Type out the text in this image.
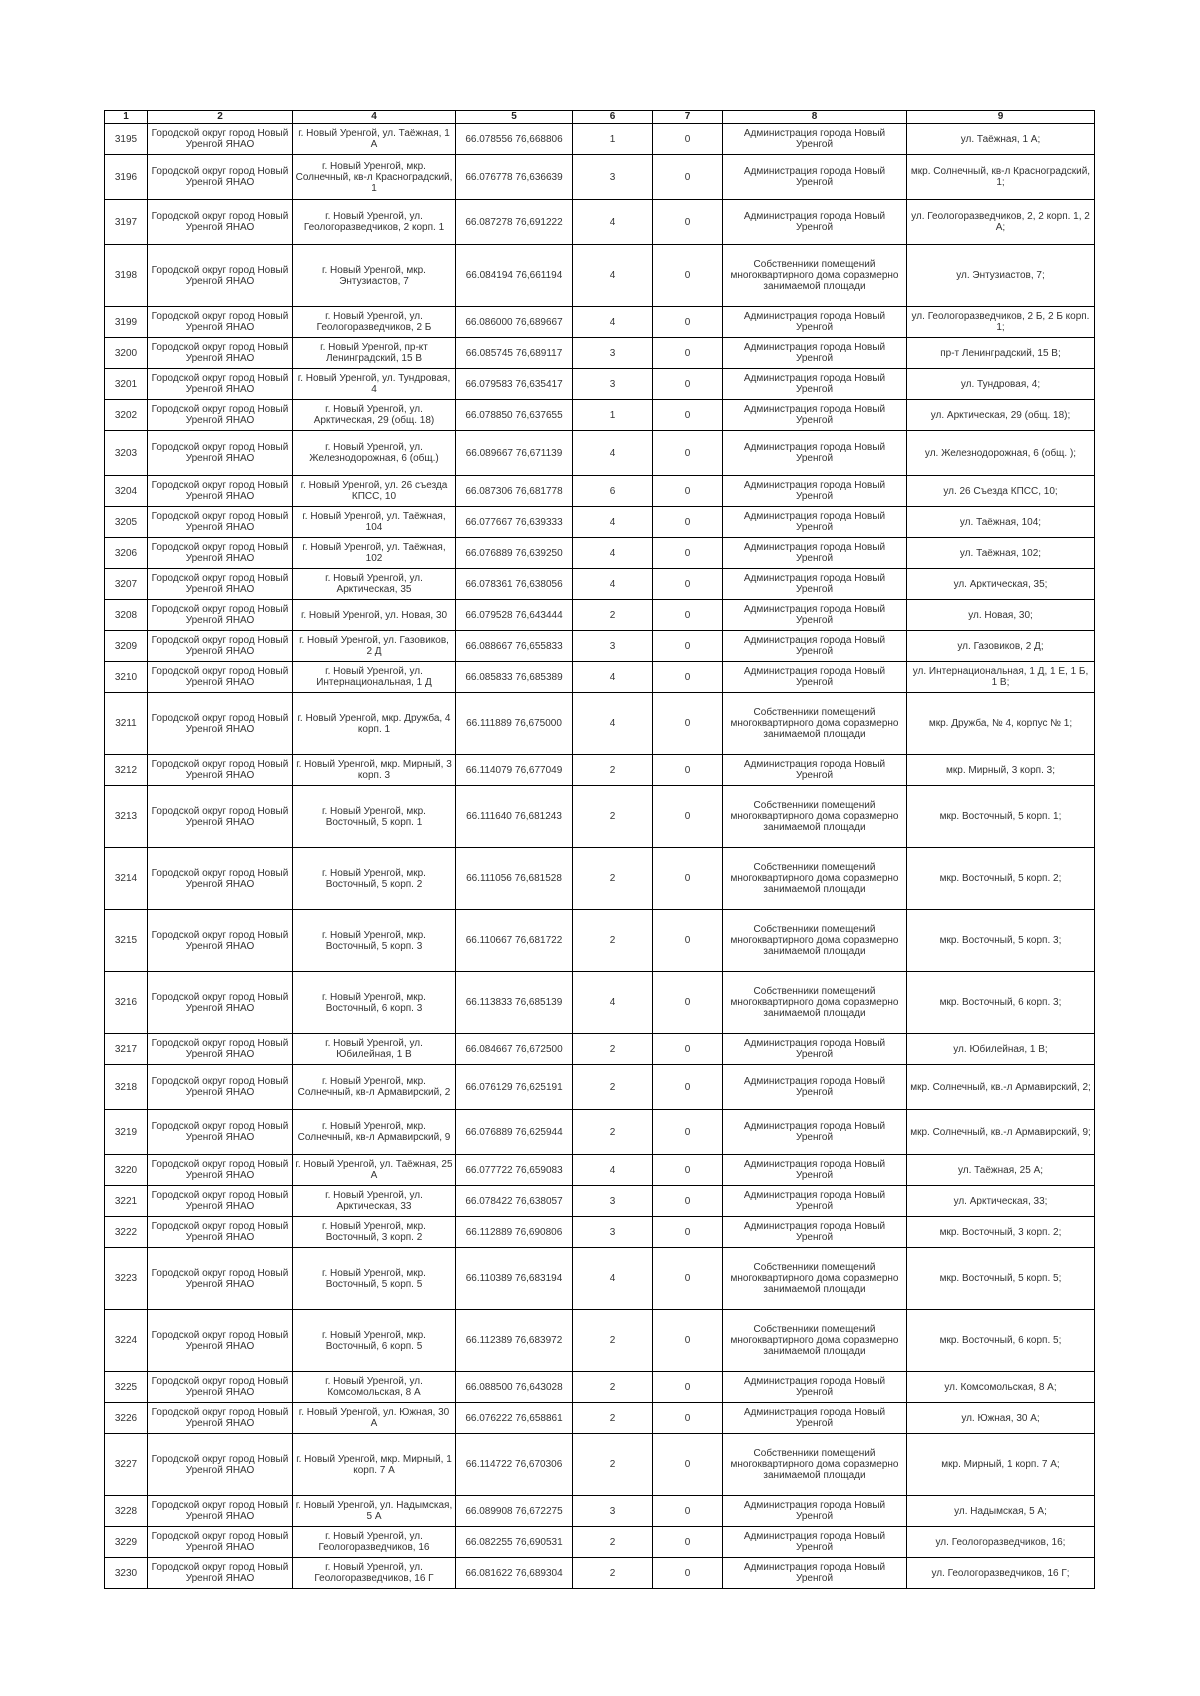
1	2	4	5	6	7	8	9
3195	Городской округ город Новый Уренгой ЯНАО	г. Новый Уренгой, ул. Таёжная, 1 А	66.078556 76,668806	1	0	Администрация города Новый Уренгой	ул. Таёжная, 1 А;
3196	Городской округ город Новый Уренгой ЯНАО	г. Новый Уренгой, мкр. Солнечный, кв-л Красноградский, 1	66.076778 76,636639	3	0	Администрация города Новый Уренгой	мкр. Солнечный, кв-л Красноградский, 1;
3197	Городской округ город Новый Уренгой ЯНАО	г. Новый Уренгой, ул. Геологоразведчиков, 2 корп. 1	66.087278 76,691222	4	0	Администрация города Новый Уренгой	ул. Геологоразведчиков, 2, 2 корп. 1, 2 А;
3198	Городской округ город Новый Уренгой ЯНАО	г. Новый Уренгой, мкр. Энтузиастов, 7	66.084194 76,661194	4	0	Собственники помещений многоквартирного дома соразмерно занимаемой площади	ул. Энтузиастов, 7;
3199	Городской округ город Новый Уренгой ЯНАО	г. Новый Уренгой, ул. Геологоразведчиков, 2 Б	66.086000 76,689667	4	0	Администрация города Новый Уренгой	ул. Геологоразведчиков, 2 Б, 2 Б корп. 1;
3200	Городской округ город Новый Уренгой ЯНАО	г. Новый Уренгой, пр-кт Ленинградский, 15 В	66.085745 76,689117	3	0	Администрация города Новый Уренгой	пр-т Ленинградский, 15 В;
3201	Городской округ город Новый Уренгой ЯНАО	г. Новый Уренгой, ул. Тундровая, 4	66.079583 76,635417	3	0	Администрация города Новый Уренгой	ул. Тундровая, 4;
3202	Городской округ город Новый Уренгой ЯНАО	г. Новый Уренгой, ул. Арктическая, 29 (общ. 18)	66.078850 76,637655	1	0	Администрация города Новый Уренгой	ул. Арктическая, 29 (общ. 18);
3203	Городской округ город Новый Уренгой ЯНАО	г. Новый Уренгой, ул. Железнодорожная, 6 (общ.)	66.089667 76,671139	4	0	Администрация города Новый Уренгой	ул. Железнодорожная, 6 (общ. );
3204	Городской округ город Новый Уренгой ЯНАО	г. Новый Уренгой, ул. 26 съезда КПСС, 10	66.087306 76,681778	6	0	Администрация города Новый Уренгой	ул. 26 Съезда КПСС, 10;
3205	Городской округ город Новый Уренгой ЯНАО	г. Новый Уренгой, ул. Таёжная, 104	66.077667 76,639333	4	0	Администрация города Новый Уренгой	ул. Таёжная, 104;
3206	Городской округ город Новый Уренгой ЯНАО	г. Новый Уренгой, ул. Таёжная, 102	66.076889 76,639250	4	0	Администрация города Новый Уренгой	ул. Таёжная, 102;
3207	Городской округ город Новый Уренгой ЯНАО	г. Новый Уренгой, ул. Арктическая, 35	66.078361 76,638056	4	0	Администрация города Новый Уренгой	ул. Арктическая, 35;
3208	Городской округ город Новый Уренгой ЯНАО	г. Новый Уренгой, ул. Новая, 30	66.079528 76,643444	2	0	Администрация города Новый Уренгой	ул. Новая, 30;
3209	Городской округ город Новый Уренгой ЯНАО	г. Новый Уренгой, ул. Газовиков, 2 Д	66.088667 76,655833	3	0	Администрация города Новый Уренгой	ул. Газовиков, 2 Д;
3210	Городской округ город Новый Уренгой ЯНАО	г. Новый Уренгой, ул. Интернациональная, 1 Д	66.085833 76,685389	4	0	Администрация города Новый Уренгой	ул. Интернациональная, 1 Д, 1 Е, 1 Б, 1 В;
3211	Городской округ город Новый Уренгой ЯНАО	г. Новый Уренгой, мкр. Дружба, 4 корп. 1	66.111889 76,675000	4	0	Собственники помещений многоквартирного дома соразмерно занимаемой площади	мкр. Дружба, № 4, корпус № 1;
3212	Городской округ город Новый Уренгой ЯНАО	г. Новый Уренгой, мкр. Мирный, 3 корп. 3	66.114079 76,677049	2	0	Администрация города Новый Уренгой	мкр. Мирный, 3 корп. 3;
3213	Городской округ город Новый Уренгой ЯНАО	г. Новый Уренгой, мкр. Восточный, 5 корп. 1	66.111640 76,681243	2	0	Собственники помещений многоквартирного дома соразмерно занимаемой площади	мкр. Восточный, 5 корп. 1;
3214	Городской округ город Новый Уренгой ЯНАО	г. Новый Уренгой, мкр. Восточный, 5 корп. 2	66.111056 76,681528	2	0	Собственники помещений многоквартирного дома соразмерно занимаемой площади	мкр. Восточный, 5 корп. 2;
3215	Городской округ город Новый Уренгой ЯНАО	г. Новый Уренгой, мкр. Восточный, 5 корп. 3	66.110667 76,681722	2	0	Собственники помещений многоквартирного дома соразмерно занимаемой площади	мкр. Восточный, 5 корп. 3;
3216	Городской округ город Новый Уренгой ЯНАО	г. Новый Уренгой, мкр. Восточный, 6 корп. 3	66.113833 76,685139	4	0	Собственники помещений многоквартирного дома соразмерно занимаемой площади	мкр. Восточный, 6 корп. 3;
3217	Городской округ город Новый Уренгой ЯНАО	г. Новый Уренгой, ул. Юбилейная, 1 В	66.084667 76,672500	2	0	Администрация города Новый Уренгой	ул. Юбилейная, 1 В;
3218	Городской округ город Новый Уренгой ЯНАО	г. Новый Уренгой, мкр. Солнечный, кв-л Армавирский, 2	66.076129 76,625191	2	0	Администрация города Новый Уренгой	мкр. Солнечный, кв.-л Армавирский, 2;
3219	Городской округ город Новый Уренгой ЯНАО	г. Новый Уренгой, мкр. Солнечный, кв-л Армавирский, 9	66.076889 76,625944	2	0	Администрация города Новый Уренгой	мкр. Солнечный, кв.-л Армавирский, 9;
3220	Городской округ город Новый Уренгой ЯНАО	г. Новый Уренгой, ул. Таёжная, 25 А	66.077722 76,659083	4	0	Администрация города Новый Уренгой	ул. Таёжная, 25 А;
3221	Городской округ город Новый Уренгой ЯНАО	г. Новый Уренгой, ул. Арктическая, 33	66.078422 76,638057	3	0	Администрация города Новый Уренгой	ул. Арктическая, 33;
3222	Городской округ город Новый Уренгой ЯНАО	г. Новый Уренгой, мкр. Восточный, 3 корп. 2	66.112889 76,690806	3	0	Администрация города Новый Уренгой	мкр. Восточный, 3 корп. 2;
3223	Городской округ город Новый Уренгой ЯНАО	г. Новый Уренгой, мкр. Восточный, 5 корп. 5	66.110389 76,683194	4	0	Собственники помещений многоквартирного дома соразмерно занимаемой площади	мкр. Восточный, 5 корп. 5;
3224	Городской округ город Новый Уренгой ЯНАО	г. Новый Уренгой, мкр. Восточный, 6 корп. 5	66.112389 76,683972	2	0	Собственники помещений многоквартирного дома соразмерно занимаемой площади	мкр. Восточный, 6 корп. 5;
3225	Городской округ город Новый Уренгой ЯНАО	г. Новый Уренгой, ул. Комсомольская, 8 А	66.088500 76,643028	2	0	Администрация города Новый Уренгой	ул. Комсомольская, 8 А;
3226	Городской округ город Новый Уренгой ЯНАО	г. Новый Уренгой, ул. Южная, 30 А	66.076222 76,658861	2	0	Администрация города Новый Уренгой	ул. Южная, 30 А;
3227	Городской округ город Новый Уренгой ЯНАО	г. Новый Уренгой, мкр. Мирный, 1 корп. 7 А	66.114722 76,670306	2	0	Собственники помещений многоквартирного дома соразмерно занимаемой площади	мкр. Мирный, 1 корп. 7 А;
3228	Городской округ город Новый Уренгой ЯНАО	г. Новый Уренгой, ул. Надымская, 5 А	66.089908 76,672275	3	0	Администрация города Новый Уренгой	ул. Надымская, 5 А;
3229	Городской округ город Новый Уренгой ЯНАО	г. Новый Уренгой, ул. Геологоразведчиков, 16	66.082255 76,690531	2	0	Администрация города Новый Уренгой	ул. Геологоразведчиков, 16;
3230	Городской округ город Новый Уренгой ЯНАО	г. Новый Уренгой, ул. Геологоразведчиков, 16 Г	66.081622 76,689304	2	0	Администрация города Новый Уренгой	ул. Геологоразведчиков, 16 Г;
